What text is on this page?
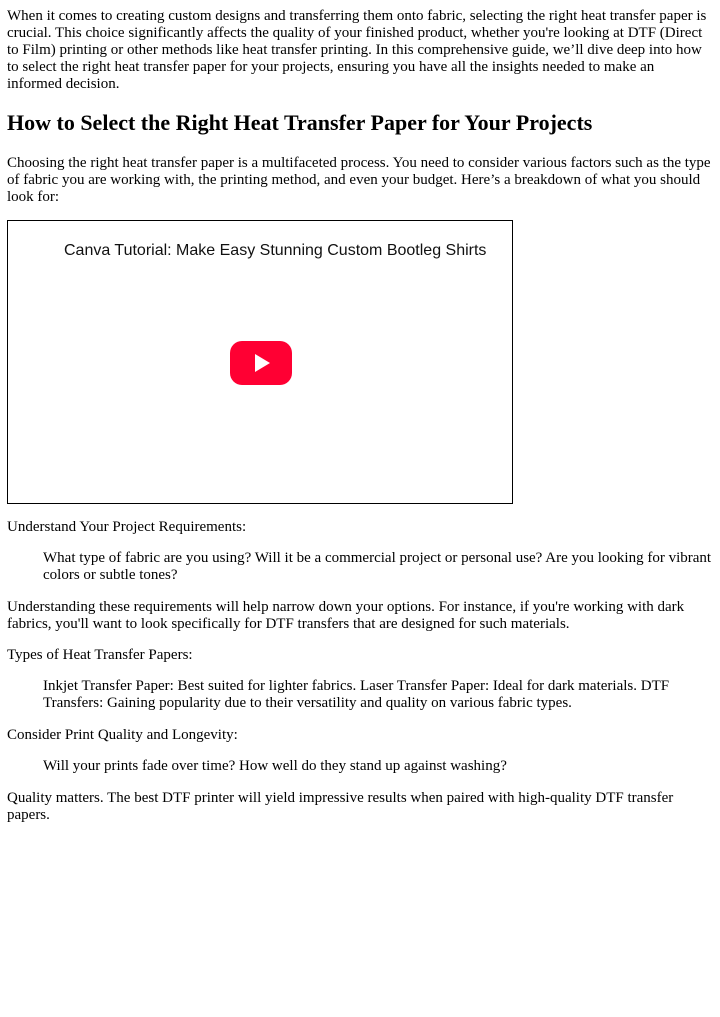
When it comes to creating custom designs and transferring them onto fabric, selecting the right heat transfer paper is crucial. This choice significantly affects the quality of your finished product, whether you're looking at DTF (Direct to Film) printing or other methods like heat transfer printing. In this comprehensive guide, we’ll dive deep into how to select the right heat transfer paper for your projects, ensuring you have all the insights needed to make an informed decision.

How to Select the Right Heat Transfer Paper for Your Projects

Choosing the right heat transfer paper is a multifaceted process. You need to consider various factors such as the type of fabric you are working with, the printing method, and even your budget. Here’s a breakdown of what you should look for:

Canva Tutorial: Make Easy Stunning Custom Bootleg Shirts

Understand Your Project Requirements:

What type of fabric are you using? Will it be a commercial project or personal use? Are you looking for vibrant colors or subtle tones?

Understanding these requirements will help narrow down your options. For instance, if you're working with dark fabrics, you'll want to look specifically for DTF transfers that are designed for such materials.

Types of Heat Transfer Papers:

Inkjet Transfer Paper: Best suited for lighter fabrics. Laser Transfer Paper: Ideal for dark materials. DTF Transfers: Gaining popularity due to their versatility and quality on various fabric types.

Consider Print Quality and Longevity:

Will your prints fade over time? How well do they stand up against washing?

Quality matters. The best DTF printer will yield impressive results when paired with high-quality DTF transfer papers.
